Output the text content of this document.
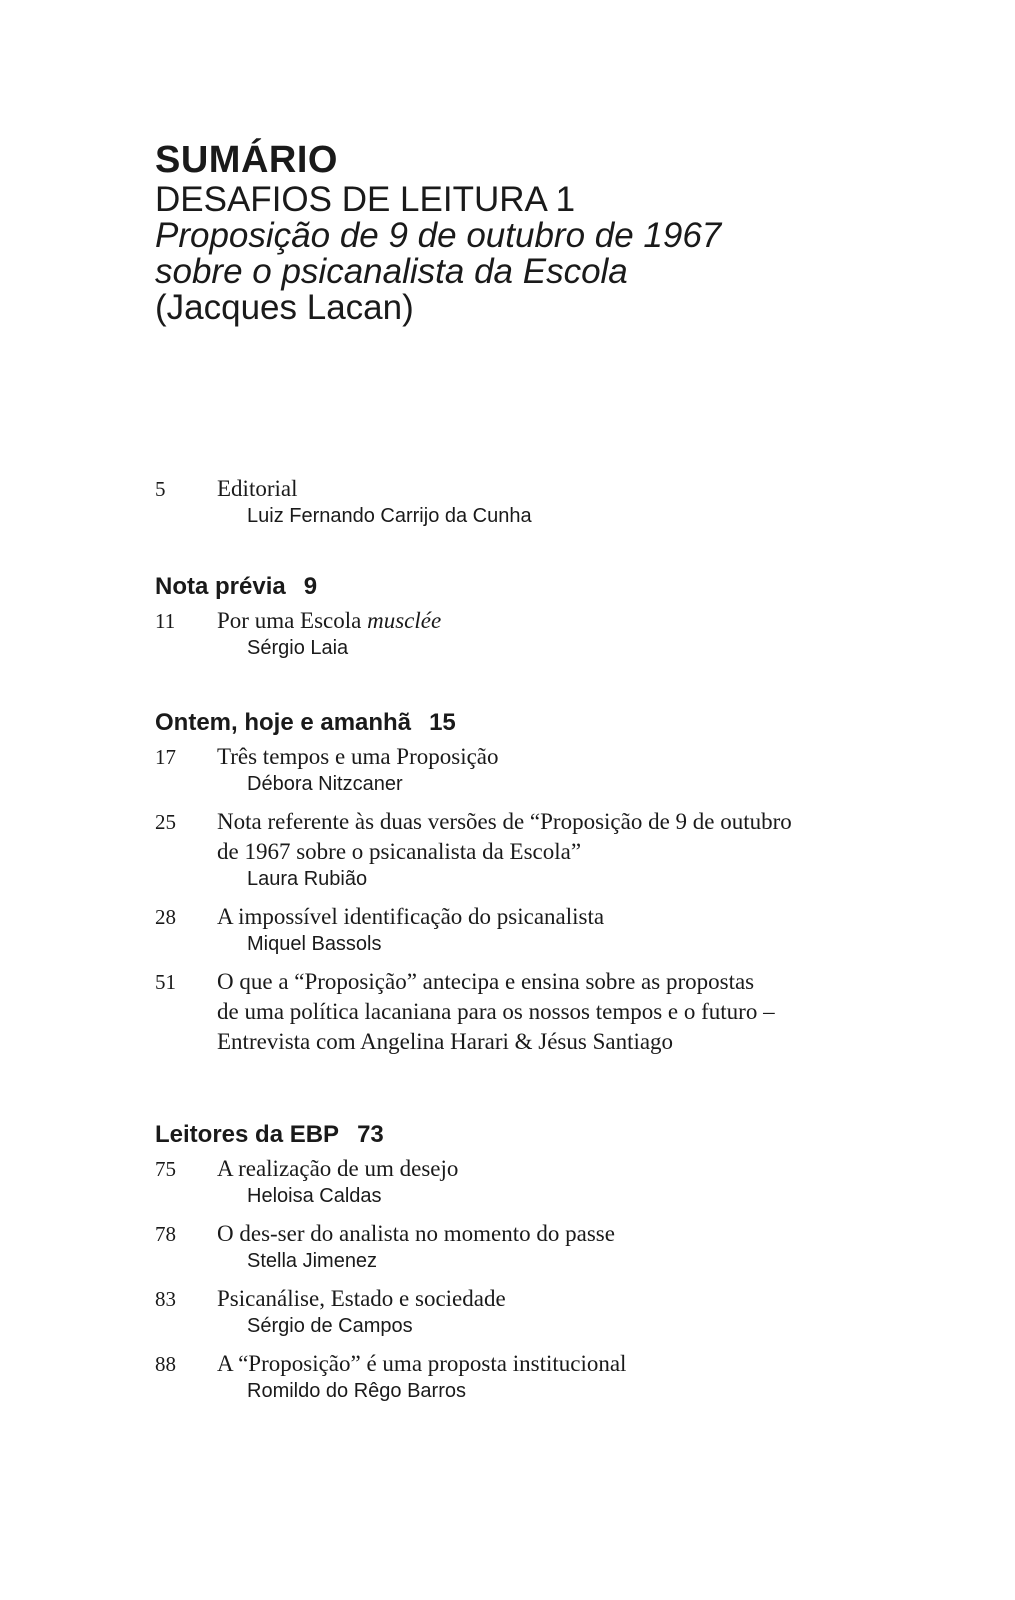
SUMÁRIO
DESAFIOS DE LEITURA 1
Proposição de 9 de outubro de 1967
sobre o psicanalista da Escola
(Jacques Lacan)
5 Editorial
Luiz Fernando Carrijo da Cunha
Nota prévia 9
11 Por uma Escola musclée
Sérgio Laia
Ontem, hoje e amanhã 15
17 Três tempos e uma Proposição
Débora Nitzcaner
25 Nota referente às duas versões de “Proposição de 9 de outubro
de 1967 sobre o psicanalista da Escola”
Laura Rubião
28 A impossível identificação do psicanalista
Miquel Bassols
51 O que a “Proposição” antecipa e ensina sobre as propostas
de uma política lacaniana para os nossos tempos e o futuro –
Entrevista com Angelina Harari & Jésus Santiago
Leitores da EBP 73
75 A realização de um desejo
Heloisa Caldas
78 O des-ser do analista no momento do passe
Stella Jimenez
83 Psicanálise, Estado e sociedade
Sérgio de Campos
88 A “Proposição” é uma proposta institucional
Romildo do Rêgo Barros
